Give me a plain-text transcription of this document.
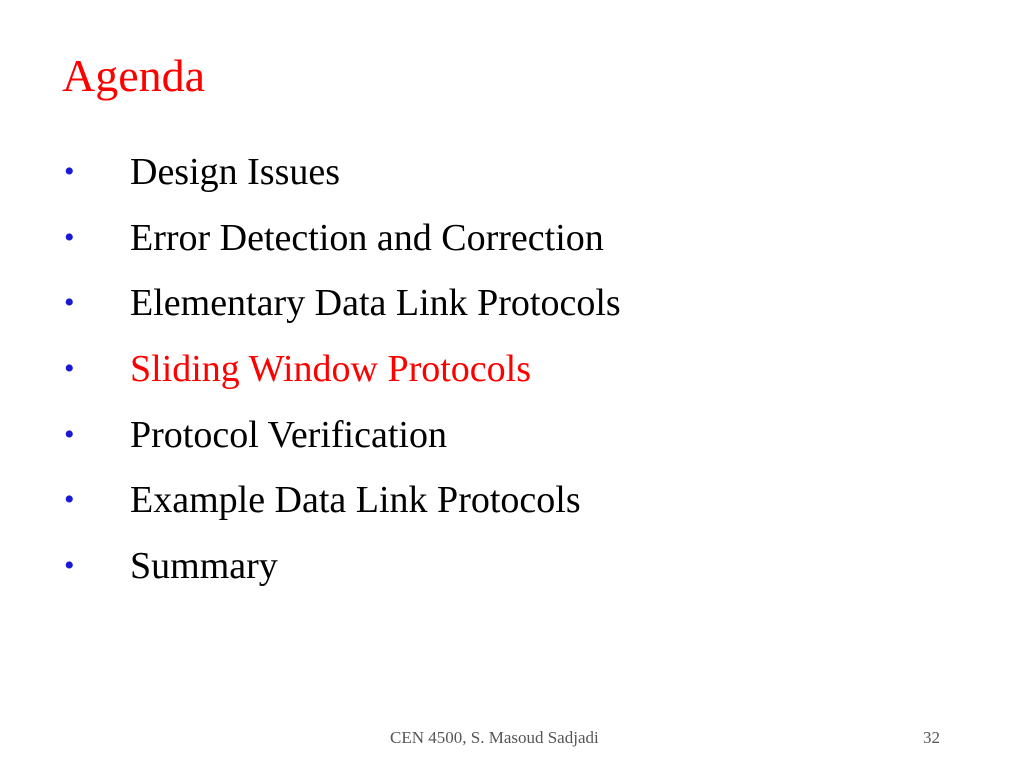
Agenda
• Design Issues
• Error Detection and Correction
• Elementary Data Link Protocols
• Sliding Window Protocols
• Protocol Verification
• Example Data Link Protocols
• Summary
CEN 4500, S. Masoud Sadjadi	32
